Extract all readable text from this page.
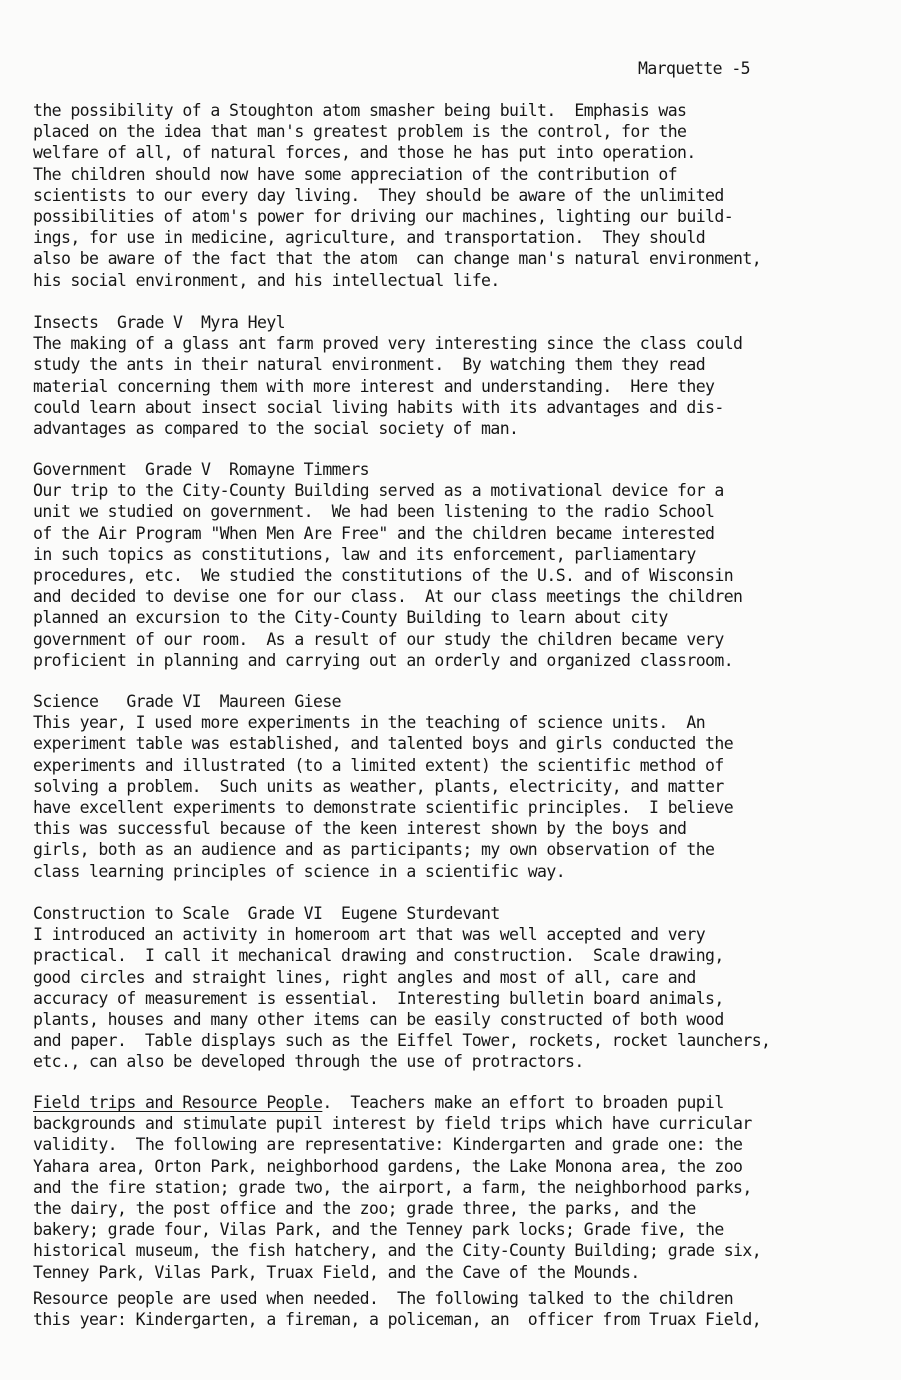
Marquette -5
the possibility of a Stoughton atom smasher being built.  Emphasis was
placed on the idea that man's greatest problem is the control, for the
welfare of all, of natural forces, and those he has put into operation.
The children should now have some appreciation of the contribution of
scientists to our every day living.  They should be aware of the unlimited
possibilities of atom's power for driving our machines, lighting our build-
ings, for use in medicine, agriculture, and transportation.  They should
also be aware of the fact that the atom  can change man's natural environment,
his social environment, and his intellectual life.
Insects  Grade V  Myra Heyl
The making of a glass ant farm proved very interesting since the class could
study the ants in their natural environment.  By watching them they read
material concerning them with more interest and understanding.  Here they
could learn about insect social living habits with its advantages and dis-
advantages as compared to the social society of man.
Government  Grade V  Romayne Timmers
Our trip to the City-County Building served as a motivational device for a
unit we studied on government.  We had been listening to the radio School
of the Air Program "When Men Are Free" and the children became interested
in such topics as constitutions, law and its enforcement, parliamentary
procedures, etc.  We studied the constitutions of the U.S. and of Wisconsin
and decided to devise one for our class.  At our class meetings the children
planned an excursion to the City-County Building to learn about city
government of our room.  As a result of our study the children became very
proficient in planning and carrying out an orderly and organized classroom.
Science   Grade VI  Maureen Giese
This year, I used more experiments in the teaching of science units.  An
experiment table was established, and talented boys and girls conducted the
experiments and illustrated (to a limited extent) the scientific method of
solving a problem.  Such units as weather, plants, electricity, and matter
have excellent experiments to demonstrate scientific principles.  I believe
this was successful because of the keen interest shown by the boys and
girls, both as an audience and as participants; my own observation of the
class learning principles of science in a scientific way.
Construction to Scale  Grade VI  Eugene Sturdevant
I introduced an activity in homeroom art that was well accepted and very
practical.  I call it mechanical drawing and construction.  Scale drawing,
good circles and straight lines, right angles and most of all, care and
accuracy of measurement is essential.  Interesting bulletin board animals,
plants, houses and many other items can be easily constructed of both wood
and paper.  Table displays such as the Eiffel Tower, rockets, rocket launchers,
etc., can also be developed through the use of protractors.
Field trips and Resource People.  Teachers make an effort to broaden pupil
backgrounds and stimulate pupil interest by field trips which have curricular
validity.  The following are representative: Kindergarten and grade one: the
Yahara area, Orton Park, neighborhood gardens, the Lake Monona area, the zoo
and the fire station; grade two, the airport, a farm, the neighborhood parks,
the dairy, the post office and the zoo; grade three, the parks, and the
bakery; grade four, Vilas Park, and the Tenney park locks; Grade five, the
historical museum, the fish hatchery, and the City-County Building; grade six,
Tenney Park, Vilas Park, Truax Field, and the Cave of the Mounds.
Resource people are used when needed.  The following talked to the children
this year: Kindergarten, a fireman, a policeman, an  officer from Truax Field,
